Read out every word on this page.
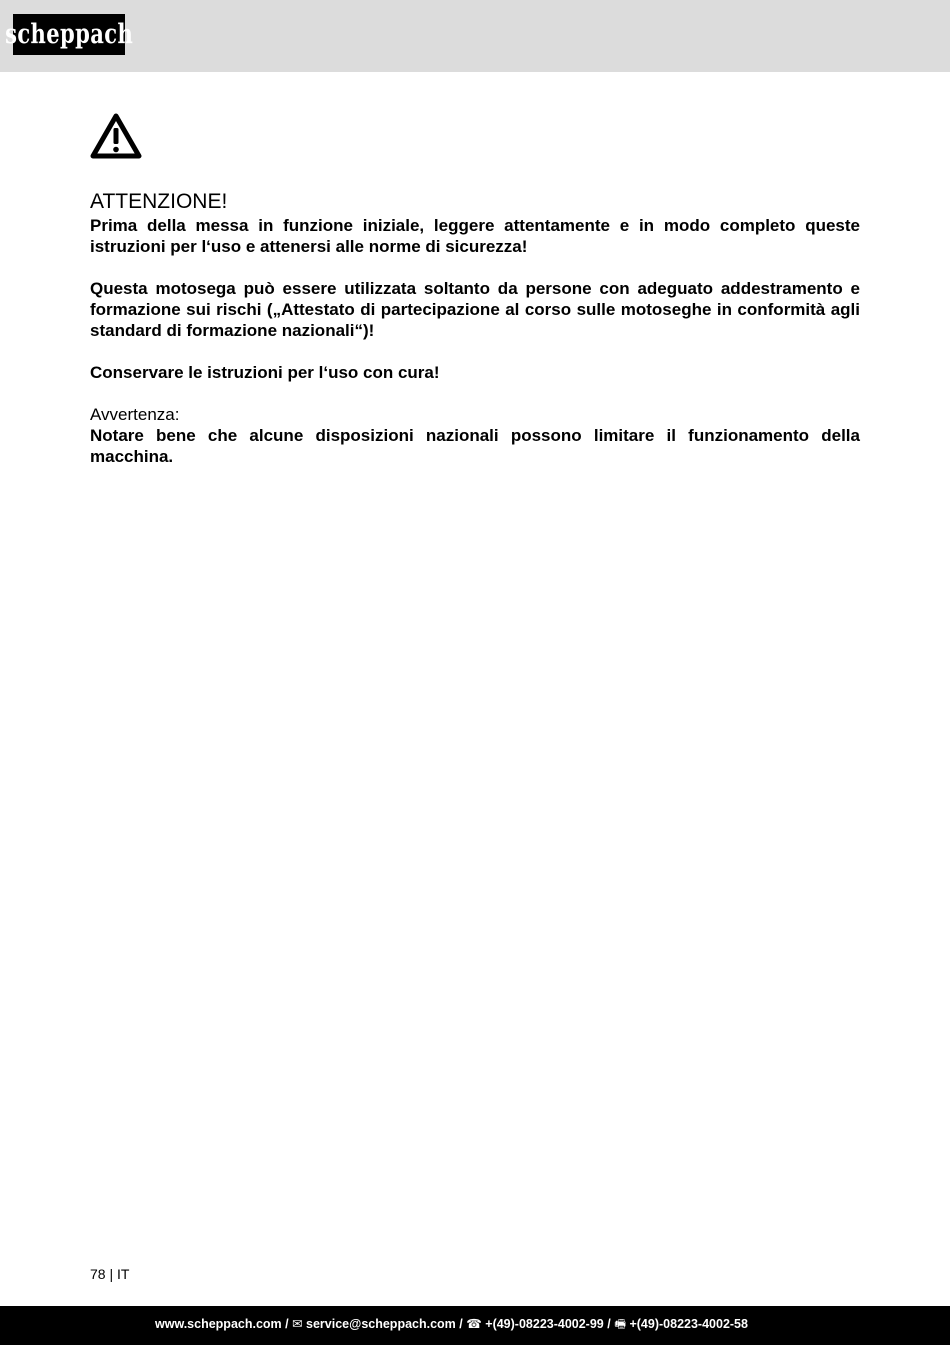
scheppach
ATTENZIONE!

Prima della messa in funzione iniziale, leggere attentamente e in modo completo queste istruzioni per l‘uso e attenersi alle norme di sicurezza!

Questa motosega può essere utilizzata soltanto da persone con adeguato addestramento e formazione sui rischi („Attestato di partecipazione al corso sulle motoseghe in conformità agli standard di formazione nazionali“)!

Conservare le istruzioni per l‘uso con cura!

Avvertenza:

Notare bene che alcune disposizioni nazionali possono limitare il funzionamento della macchina.

78 | IT
www.scheppach.com / ✉ service@scheppach.com / ☎ +(49)-08223-4002-99 / 🖷 +(49)-08223-4002-58
